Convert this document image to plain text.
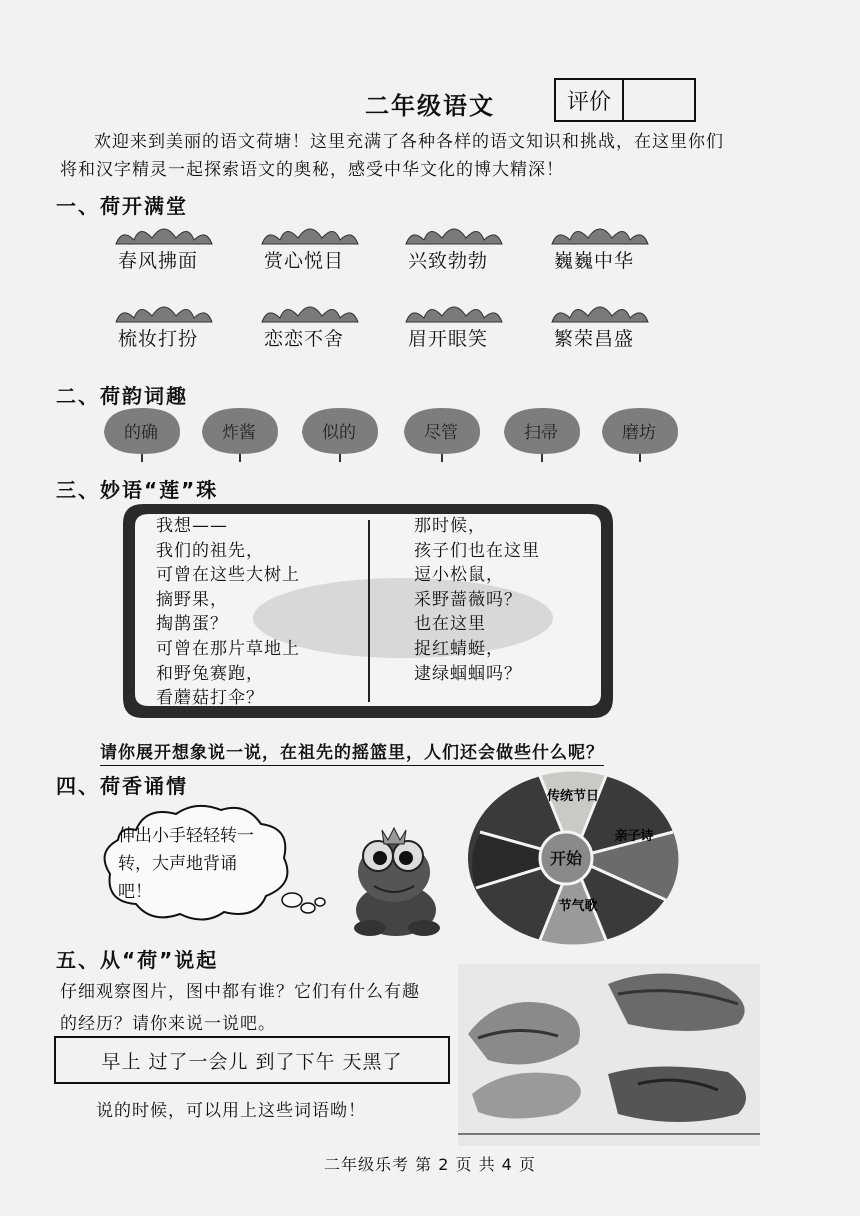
二年级语文	评价
欢迎来到美丽的语文荷塘！这里充满了各种各样的语文知识和挑战，在这里你们将和汉字精灵一起探索语文的奥秘，感受中华文化的博大精深！
一、荷开满堂
春风拂面	赏心悦目	兴致勃勃	巍巍中华
梳妆打扮	恋恋不舍	眉开眼笑	繁荣昌盛
二、荷韵词趣
的确	炸酱	似的	尽管	扫帚	磨坊
三、妙语“莲”珠
我想——
我们的祖先，
可曾在这些大树上
摘野果，
掏鹊蛋？
可曾在那片草地上
和野兔赛跑，
看蘑菇打伞？
那时候，
孩子们也在这里
逗小松鼠，
采野蔷薇吗？
也在这里
捉红蜻蜓，
逮绿蝈蝈吗？
请你展开想象说一说，在祖先的摇篮里，人们还会做些什么呢？
四、荷香诵情
伸出小手轻轻转一转，大声地背诵吧！
开始
传统节日
亲子诗
节气歌
五、从“荷”说起
仔细观察图片，图中都有谁？它们有什么有趣的经历？请你来说一说吧。
早上 过了一会儿 到了下午 天黑了
说的时候，可以用上这些词语呦！
二年级乐考 第 2 页 共 4 页
